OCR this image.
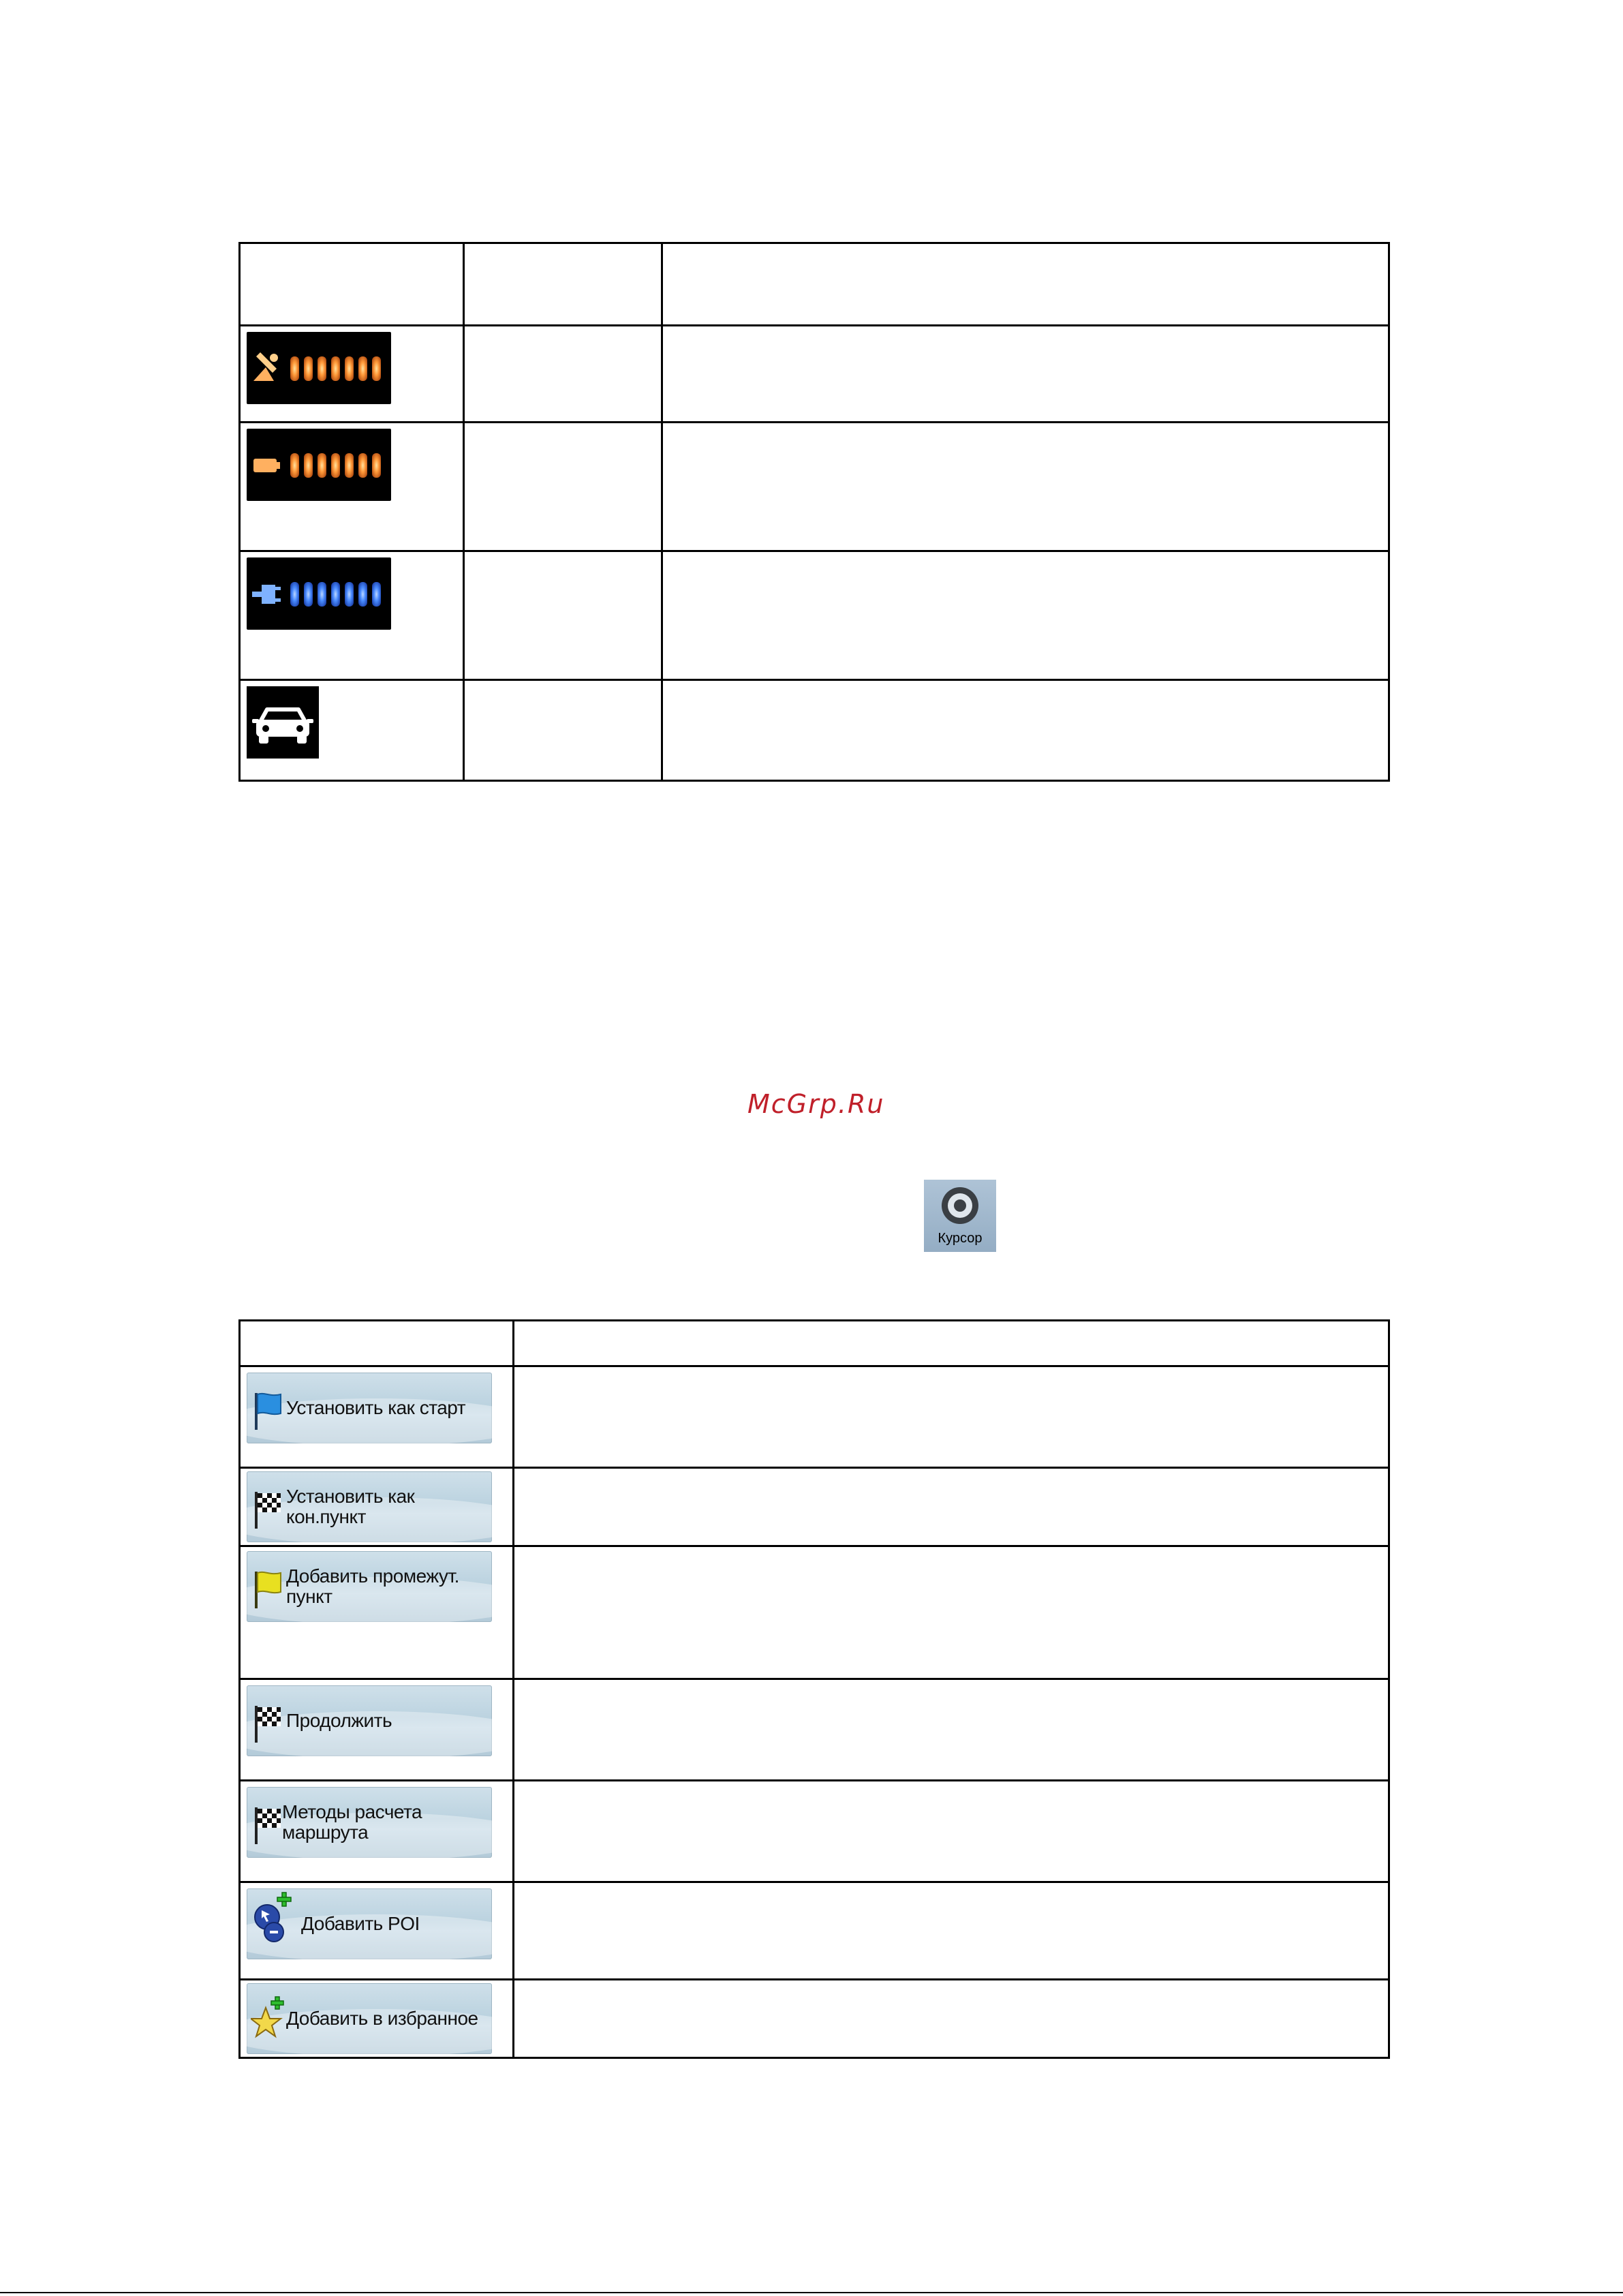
McGrp.Ru
Курсор

Установить как старт	

Установить как
кон.пункт	

Добавить промежут. пункт	

Продолжить	

Методы расчета маршрута	

Добавить POI	

Добавить в избранное	
